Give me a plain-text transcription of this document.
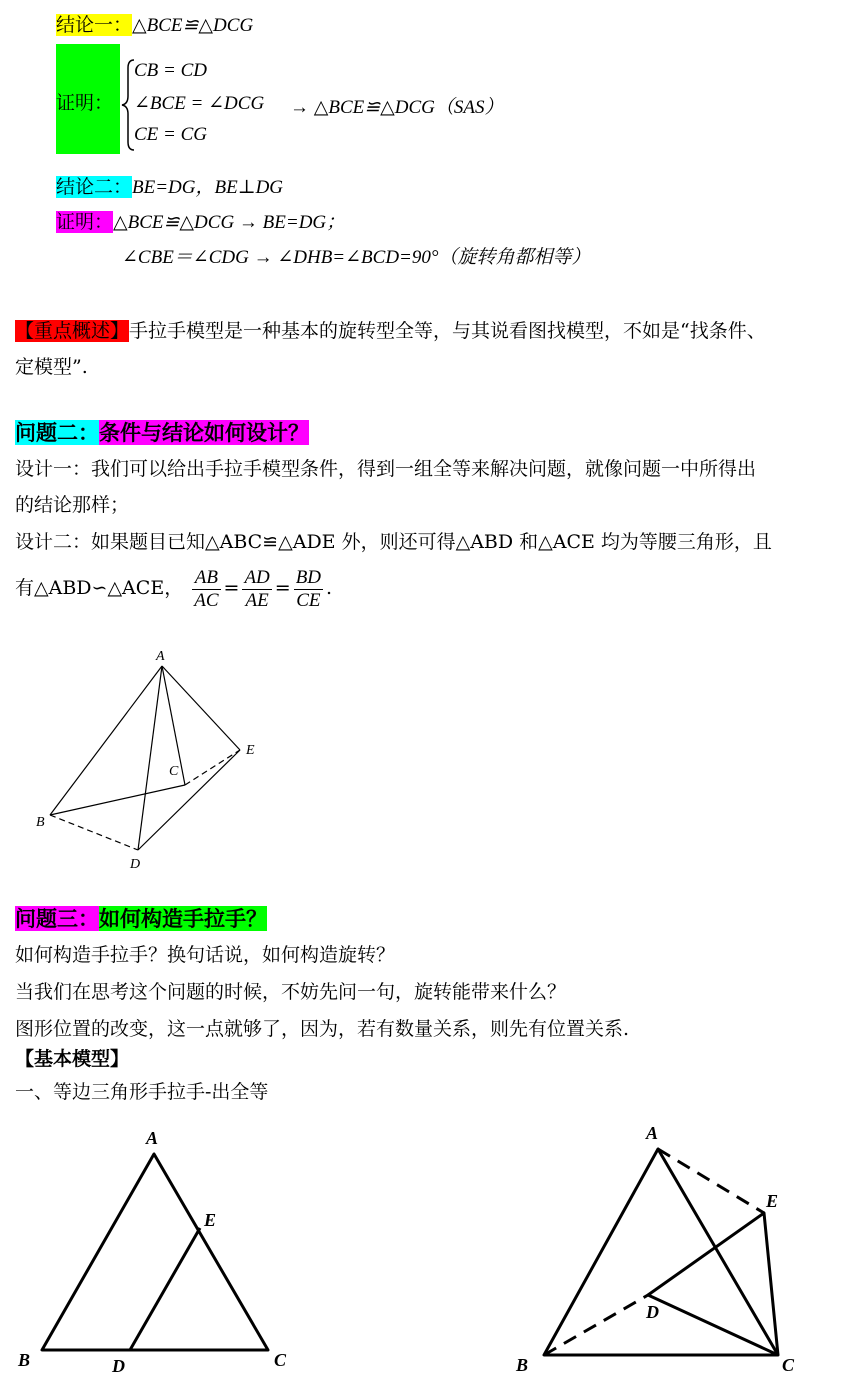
结论一：△BCE≌△DCG
证明：
CB = CD
∠BCE = ∠DCG
CE = CG
→ △BCE≌△DCG（SAS）
结论二：BE=DG，BE⊥DG
证明：△BCE≌△DCG → BE=DG；
∠CBE＝∠CDG → ∠DHB=∠BCD=90°（旋转角都相等）
【重点概述】手拉手模型是一种基本的旋转型全等，与其说看图找模型，不如是“找条件、
定模型”.
问题二：条件与结论如何设计？
设计一：我们可以给出手拉手模型条件，得到一组全等来解决问题，就像问题一中所得出
的结论那样；
设计二：如果题目已知△ABC≌△ADE 外，则还可得△ABD 和△ACE 均为等腰三角形，且
有△ABD∽△ACE， $\frac{AB}{AC} = \frac{AD}{AE} = \frac{BD}{CE}$ .
A
B
C
D
E
问题三：如何构造手拉手？
如何构造手拉手？换句话说，如何构造旋转？
当我们在思考这个问题的时候，不妨先问一句，旋转能带来什么？
图形位置的改变，这一点就够了，因为，若有数量关系，则先有位置关系.
【基本模型】
一、等边三角形手拉手-出全等
A
B	C
D
E
A
B	C
D
E
